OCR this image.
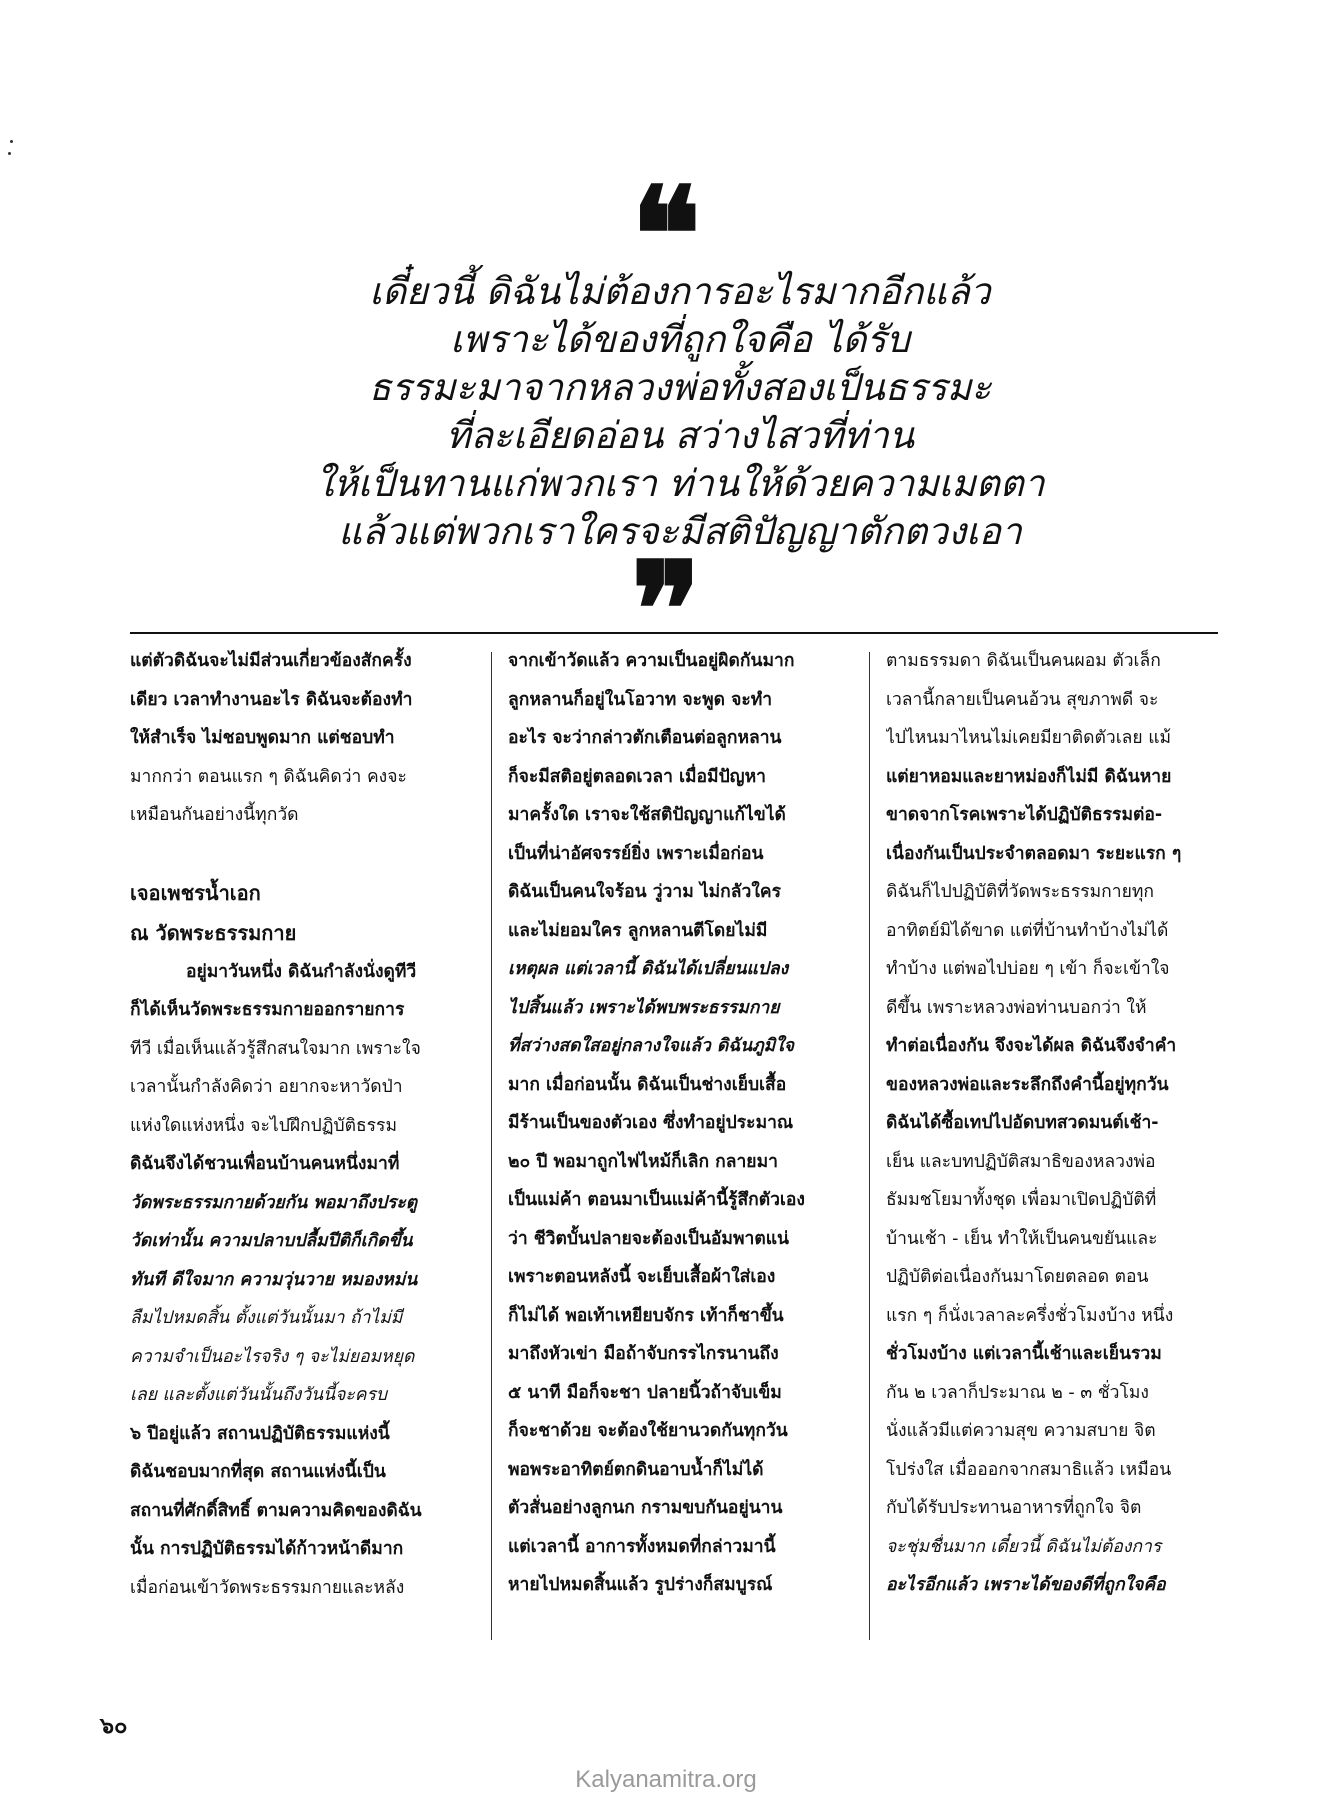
❝
เดี๋ยวนี้ ดิฉันไม่ต้องการอะไรมากอีกแล้ว
เพราะได้ของที่ถูกใจคือ ได้รับ
ธรรมะมาจากหลวงพ่อทั้งสองเป็นธรรมะ
ที่ละเอียดอ่อน สว่างไสวที่ท่าน
ให้เป็นทานแก่พวกเรา ท่านให้ด้วยความเมตตา
แล้วแต่พวกเราใครจะมีสติปัญญาตักตวงเอา
❞
แต่ตัวดิฉันจะไม่มีส่วนเกี่ยวข้องสักครั้ง
เดียว เวลาทำงานอะไร ดิฉันจะต้องทำ
ให้สำเร็จ ไม่ชอบพูดมาก แต่ชอบทำ
มากกว่า ตอนแรก ๆ ดิฉันคิดว่า คงจะ
เหมือนกันอย่างนี้ทุกวัด
เจอเพชรน้ำเอก
ณ วัดพระธรรมกาย
อยู่มาวันหนึ่ง ดิฉันกำลังนั่งดูทีวี
ก็ได้เห็นวัดพระธรรมกายออกรายการ
ทีวี เมื่อเห็นแล้วรู้สึกสนใจมาก เพราะใจ
เวลานั้นกำลังคิดว่า อยากจะหาวัดป่า
แห่งใดแห่งหนึ่ง จะไปฝึกปฏิบัติธรรม
ดิฉันจึงได้ชวนเพื่อนบ้านคนหนึ่งมาที่
วัดพระธรรมกายด้วยกัน พอมาถึงประตู
วัดเท่านั้น ความปลาบปลื้มปีติก็เกิดขึ้น
ทันที ดีใจมาก ความวุ่นวาย หมองหม่น
ลืมไปหมดสิ้น ตั้งแต่วันนั้นมา ถ้าไม่มี
ความจำเป็นอะไรจริง ๆ จะไม่ยอมหยุด
เลย และตั้งแต่วันนั้นถึงวันนี้จะครบ
๖ ปีอยู่แล้ว สถานปฏิบัติธรรมแห่งนี้
ดิฉันชอบมากที่สุด สถานแห่งนี้เป็น
สถานที่ศักดิ์สิทธิ์ ตามความคิดของดิฉัน
นั้น การปฏิบัติธรรมได้ก้าวหน้าดีมาก
เมื่อก่อนเข้าวัดพระธรรมกายและหลัง
จากเข้าวัดแล้ว ความเป็นอยู่ผิดกันมาก
ลูกหลานก็อยู่ในโอวาท จะพูด จะทำ
อะไร จะว่ากล่าวตักเตือนต่อลูกหลาน
ก็จะมีสติอยู่ตลอดเวลา เมื่อมีปัญหา
มาครั้งใด เราจะใช้สติปัญญาแก้ไขได้
เป็นที่น่าอัศจรรย์ยิ่ง เพราะเมื่อก่อน
ดิฉันเป็นคนใจร้อน วู่วาม ไม่กลัวใคร
และไม่ยอมใคร ลูกหลานตีโดยไม่มี
เหตุผล แต่เวลานี้ ดิฉันได้เปลี่ยนแปลง
ไปสิ้นแล้ว เพราะได้พบพระธรรมกาย
ที่สว่างสดใสอยู่กลางใจแล้ว ดิฉันภูมิใจ
มาก เมื่อก่อนนั้น ดิฉันเป็นช่างเย็บเสื้อ
มีร้านเป็นของตัวเอง ซึ่งทำอยู่ประมาณ
๒๐ ปี พอมาถูกไฟไหม้ก็เลิก กลายมา
เป็นแม่ค้า ตอนมาเป็นแม่ค้านี้รู้สึกตัวเอง
ว่า ชีวิตบั้นปลายจะต้องเป็นอัมพาตแน่
เพราะตอนหลังนี้ จะเย็บเสื้อผ้าใส่เอง
ก็ไม่ได้ พอเท้าเหยียบจักร เท้าก็ชาขึ้น
มาถึงหัวเข่า มือถ้าจับกรรไกรนานถึง
๕ นาที มือก็จะชา ปลายนิ้วถ้าจับเข็ม
ก็จะชาด้วย จะต้องใช้ยานวดกันทุกวัน
พอพระอาทิตย์ตกดินอาบน้ำก็ไม่ได้
ตัวสั่นอย่างลูกนก กรามขบกันอยู่นาน
แต่เวลานี้ อาการทั้งหมดที่กล่าวมานี้
หายไปหมดสิ้นแล้ว รูปร่างก็สมบูรณ์
ตามธรรมดา ดิฉันเป็นคนผอม ตัวเล็ก
เวลานี้กลายเป็นคนอ้วน สุขภาพดี จะ
ไปไหนมาไหนไม่เคยมียาติดตัวเลย แม้
แต่ยาหอมและยาหม่องก็ไม่มี ดิฉันหาย
ขาดจากโรคเพราะได้ปฏิบัติธรรมต่อ-
เนื่องกันเป็นประจำตลอดมา ระยะแรก ๆ
ดิฉันก็ไปปฏิบัติที่วัดพระธรรมกายทุก
อาทิตย์มิได้ขาด แต่ที่บ้านทำบ้างไม่ได้
ทำบ้าง แต่พอไปบ่อย ๆ เข้า ก็จะเข้าใจ
ดีขึ้น เพราะหลวงพ่อท่านบอกว่า ให้
ทำต่อเนื่องกัน จึงจะได้ผล ดิฉันจึงจำคำ
ของหลวงพ่อและระลึกถึงคำนี้อยู่ทุกวัน
ดิฉันได้ซื้อเทปไปอัดบทสวดมนต์เช้า-
เย็น และบทปฏิบัติสมาธิของหลวงพ่อ
ธัมมชโยมาทั้งชุด เพื่อมาเปิดปฏิบัติที่
บ้านเช้า - เย็น ทำให้เป็นคนขยันและ
ปฏิบัติต่อเนื่องกันมาโดยตลอด ตอน
แรก ๆ ก็นั่งเวลาละครึ่งชั่วโมงบ้าง หนึ่ง
ชั่วโมงบ้าง แต่เวลานี้เช้าและเย็นรวม
กัน ๒ เวลาก็ประมาณ ๒ - ๓ ชั่วโมง
นั่งแล้วมีแต่ความสุข ความสบาย จิต
โปร่งใส เมื่อออกจากสมาธิแล้ว เหมือน
กับได้รับประทานอาหารที่ถูกใจ จิต
จะชุ่มชื่นมาก เดี๋ยวนี้ ดิฉันไม่ต้องการ
อะไรอีกแล้ว เพราะได้ของดีที่ถูกใจคือ
๖๐
Kalyanamitra.org
